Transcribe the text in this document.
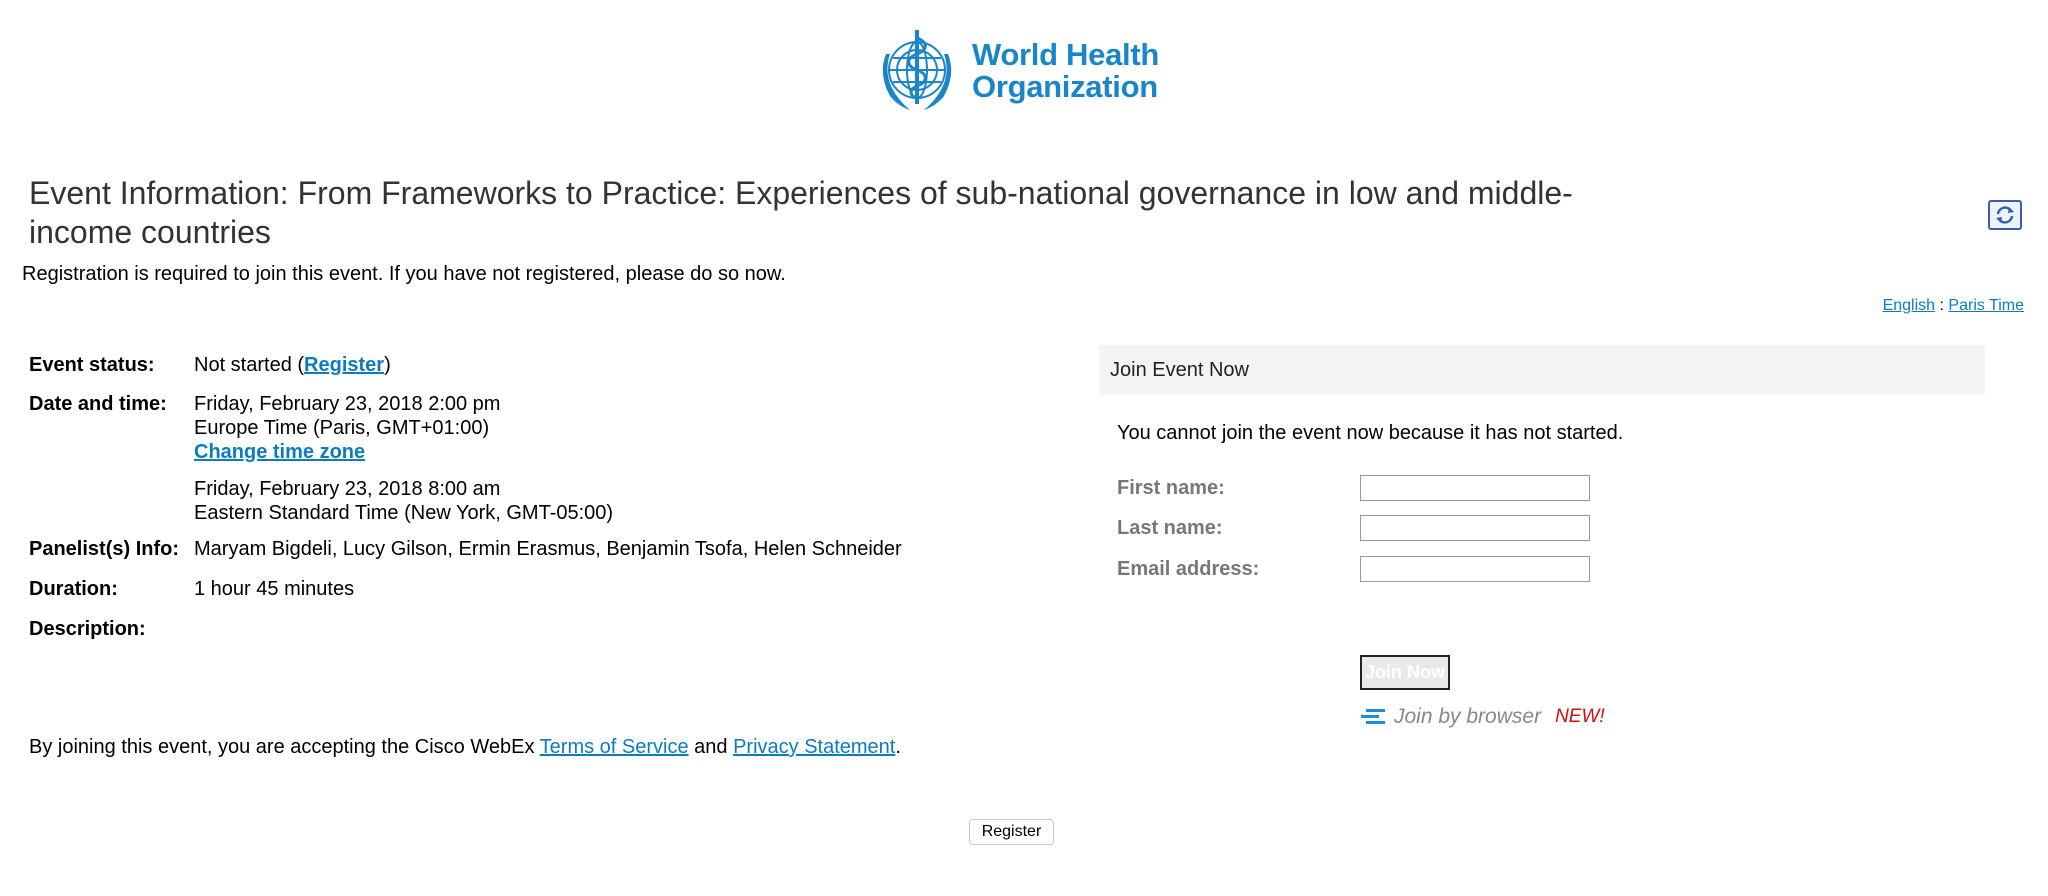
World Health
Organization
Event Information: From Frameworks to Practice: Experiences of sub-national governance in low and middle-income countries
Registration is required to join this event. If you have not registered, please do so now.
English : Paris Time
Event status:	Not started (Register)
Date and time:	Friday, February 23, 2018 2:00 pm
Europe Time (Paris, GMT+01:00)
Change time zone
Friday, February 23, 2018 8:00 am
Eastern Standard Time (New York, GMT-05:00)
Panelist(s) Info: Maryam Bigdeli, Lucy Gilson, Ermin Erasmus, Benjamin Tsofa, Helen Schneider
Duration:	1 hour 45 minutes
Description:
By joining this event, you are accepting the Cisco WebEx Terms of Service and Privacy Statement.
Register
Join Event Now
You cannot join the event now because it has not started.
First name:
Last name:
Email address:
Join Now
Join by browser NEW!
